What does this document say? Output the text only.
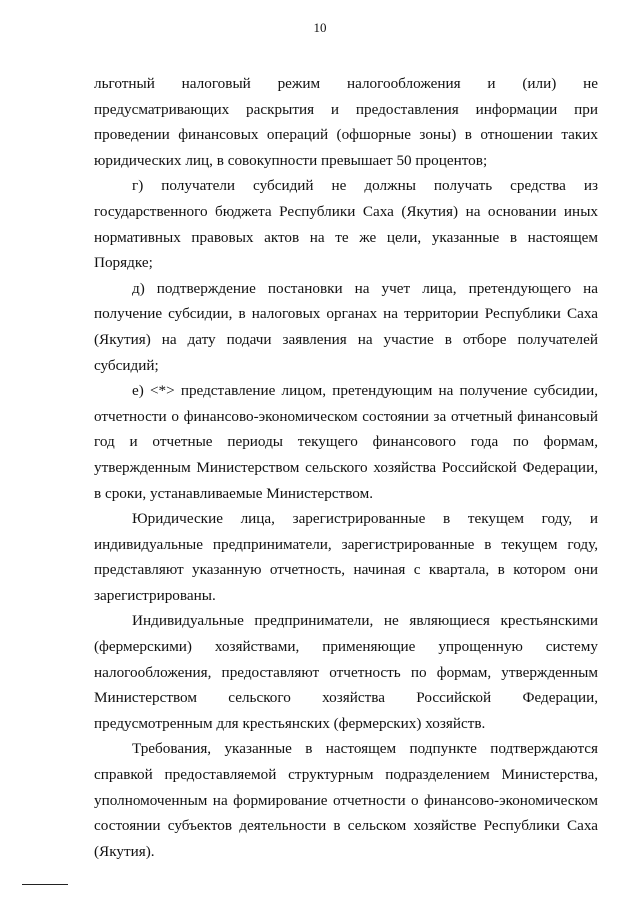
10

льготный налоговый режим налогообложения и (или) не предусматривающих раскрытия и предоставления информации при проведении финансовых операций (офшорные зоны) в отношении таких юридических лиц, в совокупности превышает 50 процентов;

г) получатели субсидий не должны получать средства из государственного бюджета Республики Саха (Якутия) на основании иных нормативных правовых актов на те же цели, указанные в настоящем Порядке;

д) подтверждение постановки на учет лица, претендующего на получение субсидии, в налоговых органах на территории Республики Саха (Якутия) на дату подачи заявления на участие в отборе получателей субсидий;

е) <*> представление лицом, претендующим на получение субсидии, отчетности о финансово-экономическом состоянии за отчетный финансовый год и отчетные периоды текущего финансового года по формам, утвержденным Министерством сельского хозяйства Российской Федерации, в сроки, устанавливаемые Министерством.

Юридические лица, зарегистрированные в текущем году, и индивидуальные предприниматели, зарегистрированные в текущем году, представляют указанную отчетность, начиная с квартала, в котором они зарегистрированы.

Индивидуальные предприниматели, не являющиеся крестьянскими (фермерскими) хозяйствами, применяющие упрощенную систему налогообложения, предоставляют отчетность по формам, утвержденным Министерством сельского хозяйства Российской Федерации, предусмотренным для крестьянских (фермерских) хозяйств.

Требования, указанные в настоящем подпункте подтверждаются справкой предоставляемой структурным подразделением Министерства, уполномоченным на формирование отчетности о финансово-экономическом состоянии субъектов деятельности в сельском хозяйстве Республики Саха (Якутия).
